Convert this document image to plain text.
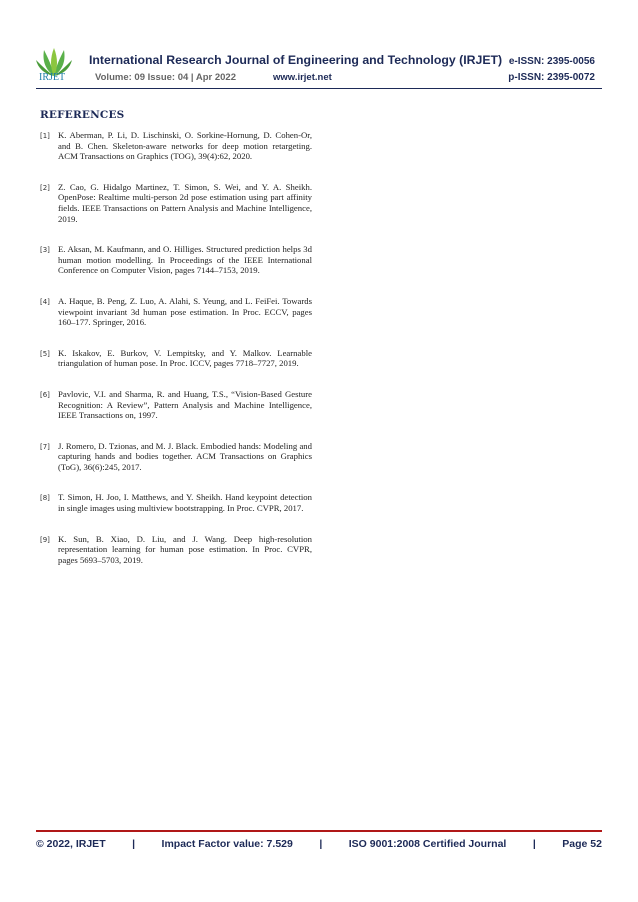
IRJET
International Research Journal of Engineering and Technology (IRJET) e-ISSN: 2395-0056
Volume: 09 Issue: 04 | Apr 2022	www.irjet.net	p-ISSN: 2395-0072
REFERENCES
[1] K. Aberman, P. Li, D. Lischinski, O. Sorkine-Hornung, D. Cohen-Or, and B. Chen. Skeleton-aware networks for deep motion retargeting. ACM Transactions on Graphics (TOG), 39(4):62, 2020.
[2] Z. Cao, G. Hidalgo Martinez, T. Simon, S. Wei, and Y. A. Sheikh. OpenPose: Realtime multi-person 2d pose estimation using part affinity fields. IEEE Transactions on Pattern Analysis and Machine Intelligence, 2019.
[3] E. Aksan, M. Kaufmann, and O. Hilliges. Structured prediction helps 3d human motion modelling. In Proceedings of the IEEE International Conference on Computer Vision, pages 7144–7153, 2019.
[4] A. Haque, B. Peng, Z. Luo, A. Alahi, S. Yeung, and L. FeiFei. Towards viewpoint invariant 3d human pose estimation. In Proc. ECCV, pages 160–177. Springer, 2016.
[5] K. Iskakov, E. Burkov, V. Lempitsky, and Y. Malkov. Learnable triangulation of human pose. In Proc. ICCV, pages 7718–7727, 2019.
[6] Pavlovic, V.I. and Sharma, R. and Huang, T.S., “Vision-Based Gesture Recognition: A Review”, Pattern Analysis and Machine Intelligence, IEEE Transactions on, 1997.
[7] J. Romero, D. Tzionas, and M. J. Black. Embodied hands: Modeling and capturing hands and bodies together. ACM Transactions on Graphics (ToG), 36(6):245, 2017.
[8] T. Simon, H. Joo, I. Matthews, and Y. Sheikh. Hand keypoint detection in single images using multiview bootstrapping. In Proc. CVPR, 2017.
[9] K. Sun, B. Xiao, D. Liu, and J. Wang. Deep high-resolution representation learning for human pose estimation. In Proc. CVPR, pages 5693–5703, 2019.
© 2022, IRJET	|	Impact Factor value: 7.529	|	ISO 9001:2008 Certified Journal	|	Page 52
